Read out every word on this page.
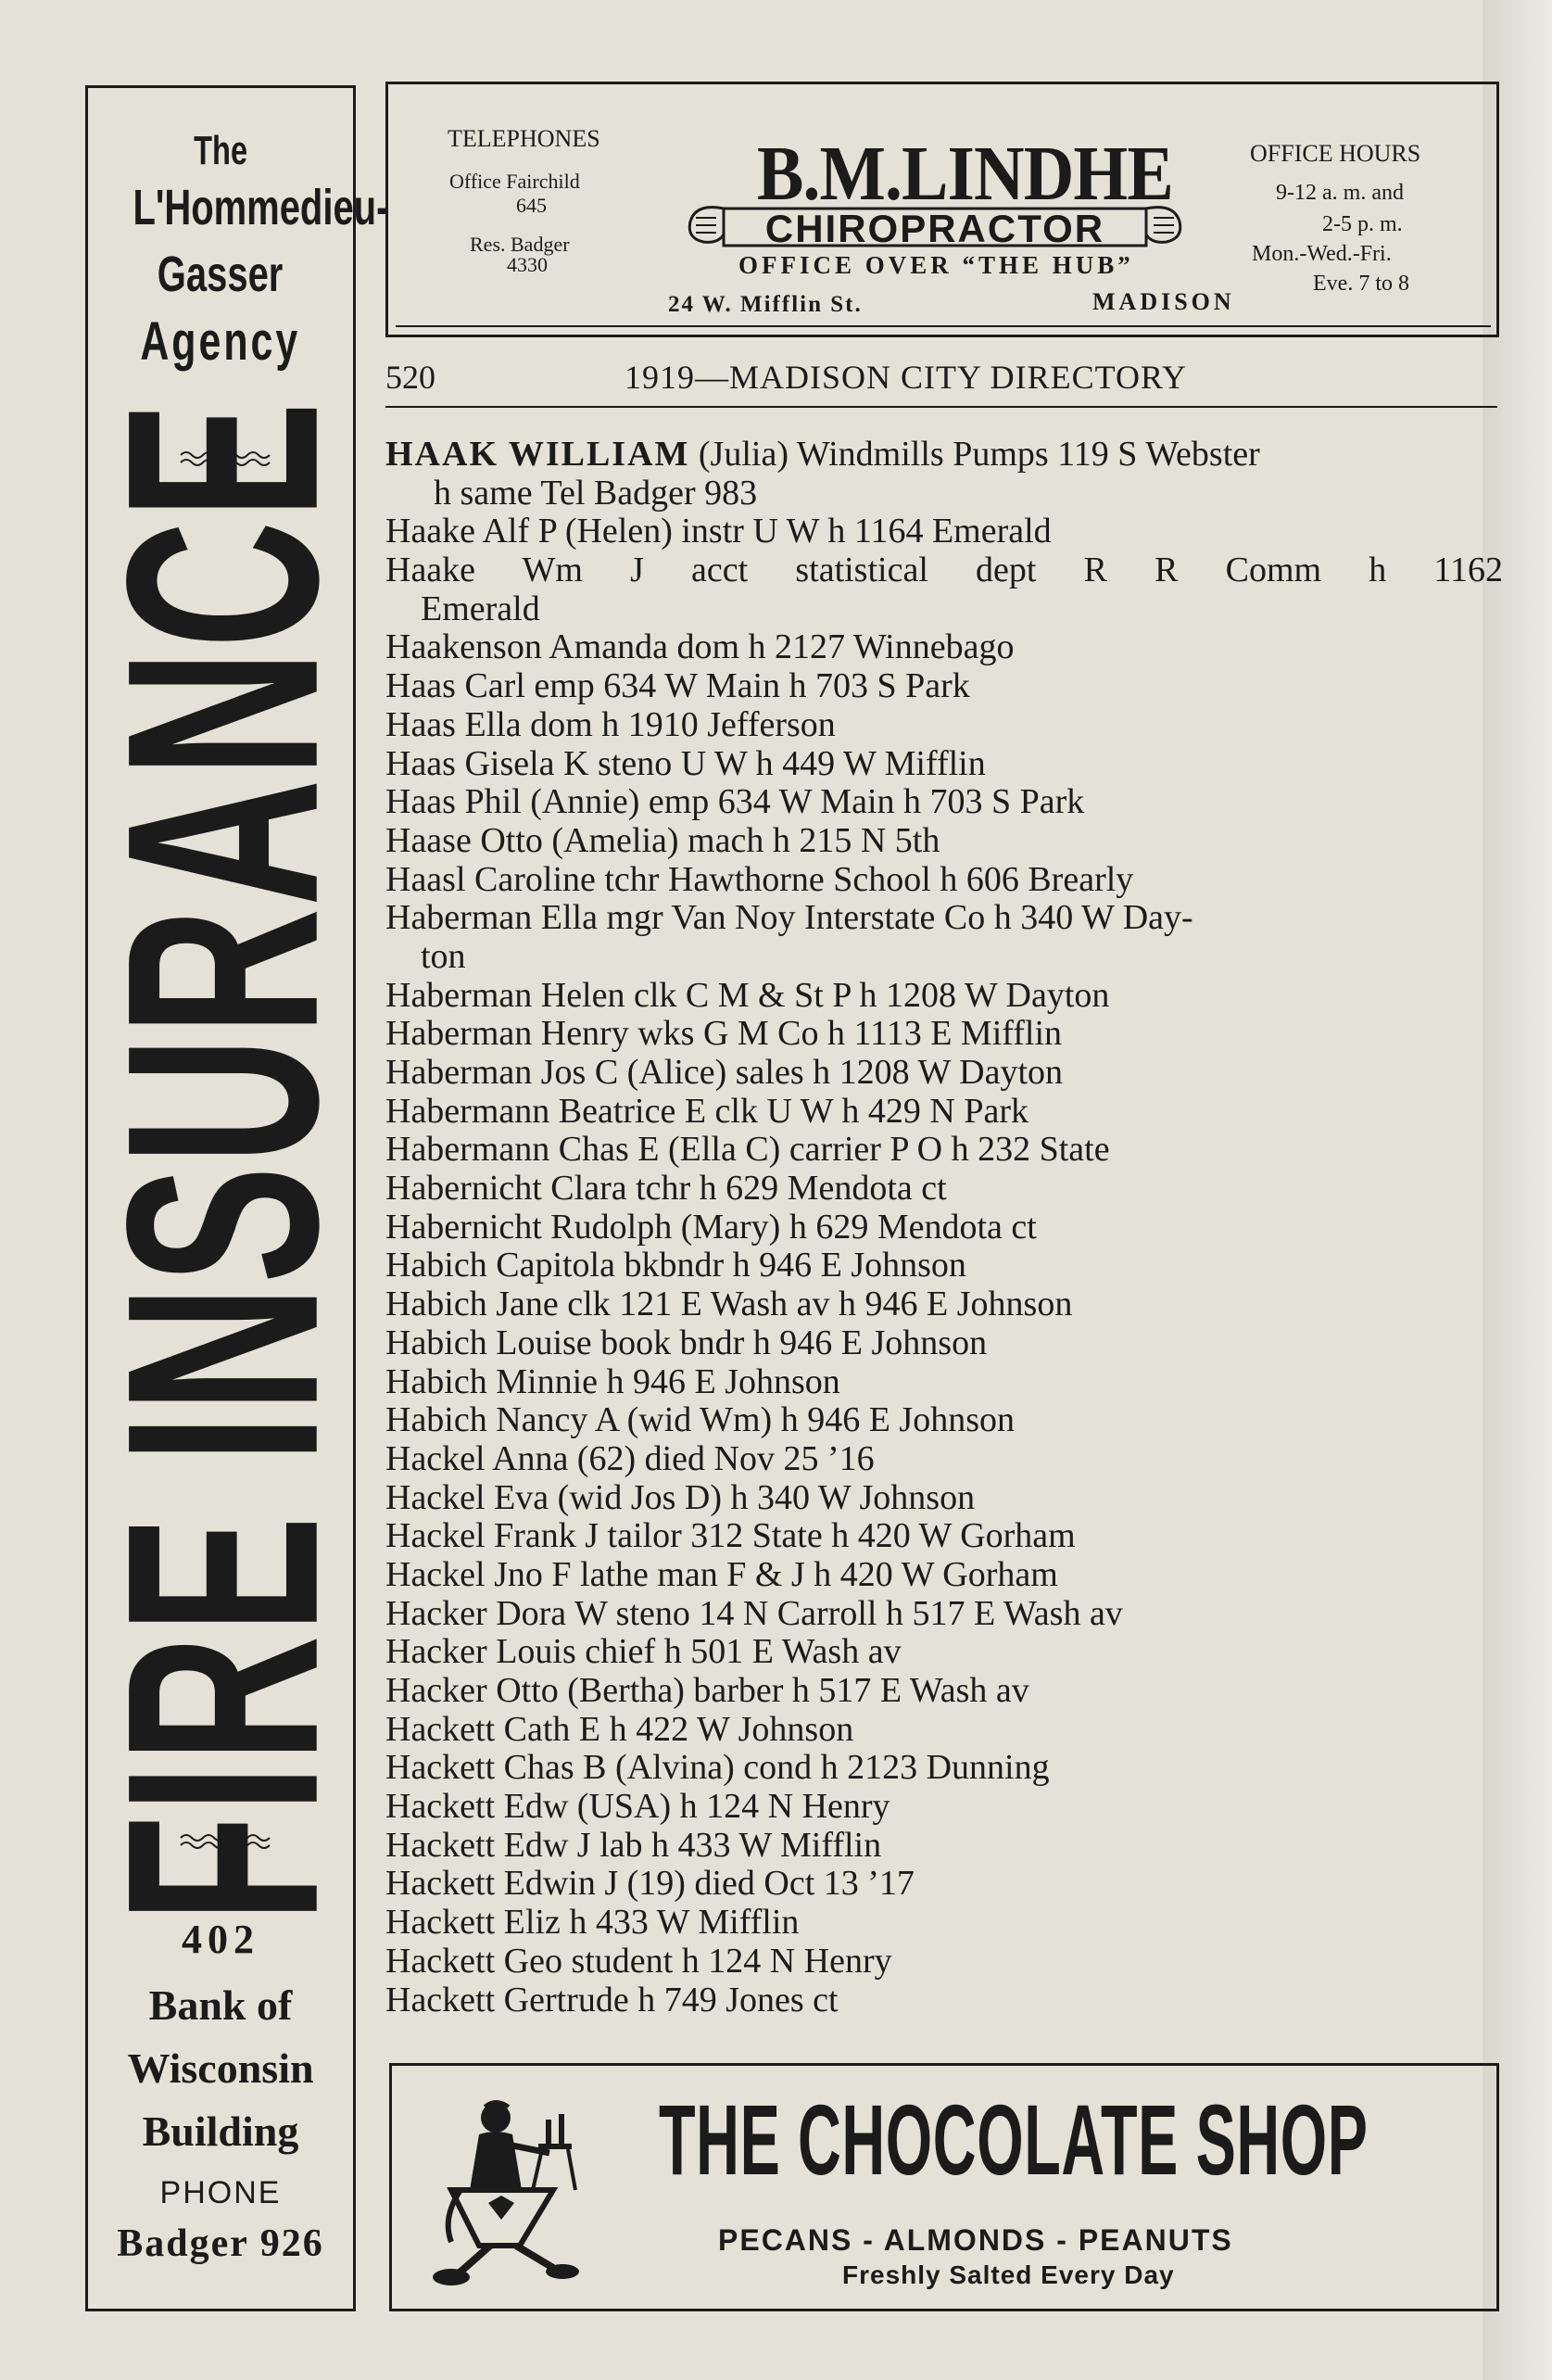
The
L'Hommedieu-
Gasser
Agency
FIRE INSURANCE
402
Bank of
Wisconsin
Building
PHONE
Badger 926
TELEPHONES
Office Fairchild
645
Res. Badger
4330
B.M.LINDHE
CHIROPRACTOR
OFFICE OVER “THE HUB”
24 W. Mifflin St.	MADISON
OFFICE HOURS
9-12 a. m. and
2-5 p. m.
Mon.-Wed.-Fri.
Eve. 7 to 8
520	1919—MADISON CITY DIRECTORY
HAAK WILLIAM (Julia) Windmills Pumps 119 S Webster
h same Tel Badger 983
Haake Alf P (Helen) instr U W h 1164 Emerald
Haake Wm J acct statistical dept R R Comm h 1162
Emerald
Haakenson Amanda dom h 2127 Winnebago
Haas Carl emp 634 W Main h 703 S Park
Haas Ella dom h 1910 Jefferson
Haas Gisela K steno U W h 449 W Mifflin
Haas Phil (Annie) emp 634 W Main h 703 S Park
Haase Otto (Amelia) mach h 215 N 5th
Haasl Caroline tchr Hawthorne School h 606 Brearly
Haberman Ella mgr Van Noy Interstate Co h 340 W Day-
ton
Haberman Helen clk C M & St P h 1208 W Dayton
Haberman Henry wks G M Co h 1113 E Mifflin
Haberman Jos C (Alice) sales h 1208 W Dayton
Habermann Beatrice E clk U W h 429 N Park
Habermann Chas E (Ella C) carrier P O h 232 State
Habernicht Clara tchr h 629 Mendota ct
Habernicht Rudolph (Mary) h 629 Mendota ct
Habich Capitola bkbndr h 946 E Johnson
Habich Jane clk 121 E Wash av h 946 E Johnson
Habich Louise book bndr h 946 E Johnson
Habich Minnie h 946 E Johnson
Habich Nancy A (wid Wm) h 946 E Johnson
Hackel Anna (62) died Nov 25 ’16
Hackel Eva (wid Jos D) h 340 W Johnson
Hackel Frank J tailor 312 State h 420 W Gorham
Hackel Jno F lathe man F & J h 420 W Gorham
Hacker Dora W steno 14 N Carroll h 517 E Wash av
Hacker Louis chief h 501 E Wash av
Hacker Otto (Bertha) barber h 517 E Wash av
Hackett Cath E h 422 W Johnson
Hackett Chas B (Alvina) cond h 2123 Dunning
Hackett Edw (USA) h 124 N Henry
Hackett Edw J lab h 433 W Mifflin
Hackett Edwin J (19) died Oct 13 ’17
Hackett Eliz h 433 W Mifflin
Hackett Geo student h 124 N Henry
Hackett Gertrude h 749 Jones ct
THE CHOCOLATE SHOP
PECANS - ALMONDS - PEANUTS
Freshly Salted Every Day
